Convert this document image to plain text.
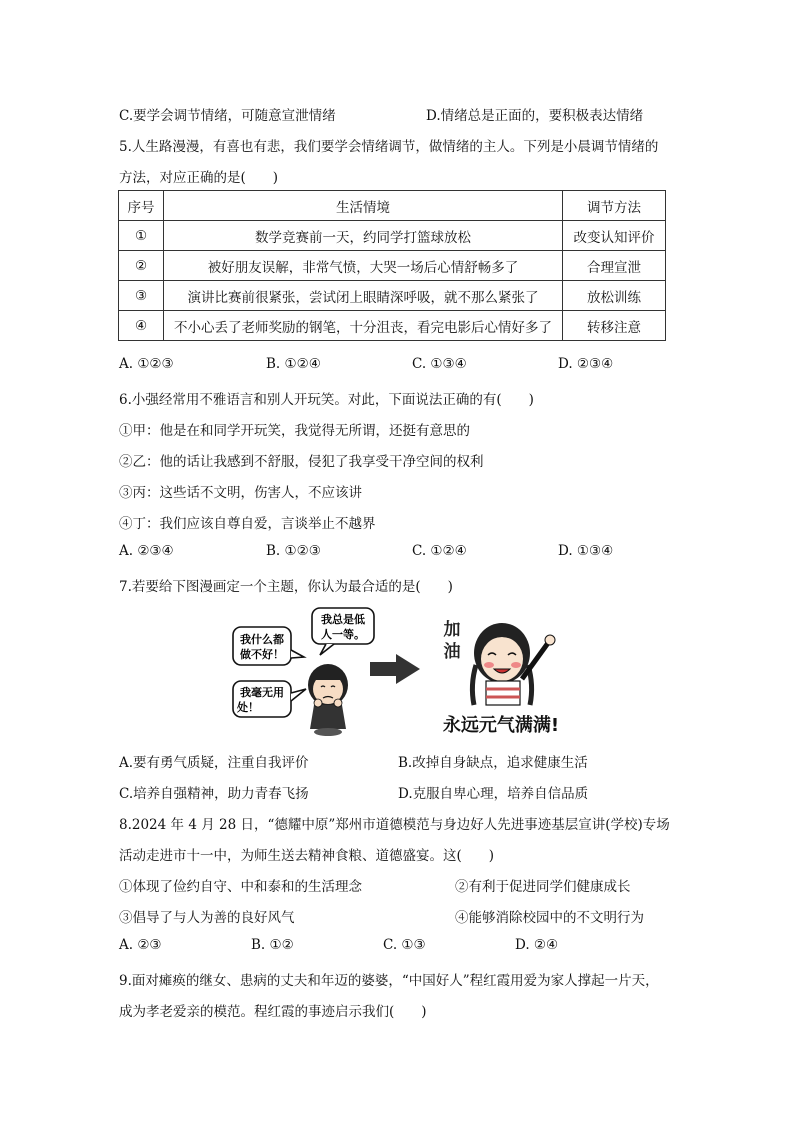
C.要学会调节情绪，可随意宣泄情绪	D.情绪总是正面的，要积极表达情绪
5.人生路漫漫，有喜也有悲，我们要学会情绪调节，做情绪的主人。下列是小晨调节情绪的
方法，对应正确的是(　　)
序号	生活情境	调节方法
①	数学竞赛前一天，约同学打篮球放松	改变认知评价
②	被好朋友误解，非常气愤，大哭一场后心情舒畅多了	合理宣泄
③	演讲比赛前很紧张，尝试闭上眼睛深呼吸，就不那么紧张了	放松训练
④	不小心丢了老师奖励的钢笔，十分沮丧，看完电影后心情好多了	转移注意
A. ①②③	B. ①②④	C. ①③④	D. ②③④
6.小强经常用不雅语言和别人开玩笑。对此，下面说法正确的有(　　)
①甲：他是在和同学开玩笑，我觉得无所谓，还挺有意思的
②乙：他的话让我感到不舒服，侵犯了我享受干净空间的权利
③丙：这些话不文明，伤害人，不应该讲
④丁：我们应该自尊自爱，言谈举止不越界
A. ②③④	B. ①②③	C. ①②④	D. ①③④
7.若要给下图漫画定一个主题，你认为最合适的是(　　)
我总是低
人一等。
我什么都
做不好！
我毫无用
处！
加
油
永远元气满满!
A.要有勇气质疑，注重自我评价	B.改掉自身缺点，追求健康生活
C.培养自强精神，助力青春飞扬	D.克服自卑心理，培养自信品质
8.2024 年 4 月 28 日，“德耀中原”郑州市道德模范与身边好人先进事迹基层宣讲(学校)专场
活动走进市十一中，为师生送去精神食粮、道德盛宴。这(　　)
①体现了俭约自守、中和泰和的生活理念	②有利于促进同学们健康成长
③倡导了与人为善的良好风气	④能够消除校园中的不文明行为
A. ②③	B. ①②	C. ①③	D. ②④
9.面对瘫痪的继女、患病的丈夫和年迈的婆婆，“中国好人”程红霞用爱为家人撑起一片天，
成为孝老爱亲的模范。程红霞的事迹启示我们(　　)
